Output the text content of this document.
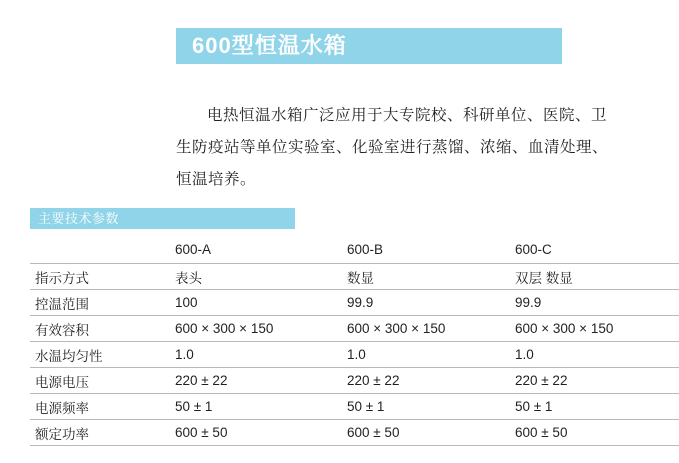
600型恒温水箱

电热恒温水箱广泛应用于大专院校、科研单位、医院、卫生防疫站等单位实验室、化验室进行蒸馏、浓缩、血清处理、恒温培养。

主要技术参数
	600-A	600-B	600-C
指示方式	表头	数显	双层 数显
控温范围	100	99.9	99.9
有效容积	600 × 300 × 150	600 × 300 × 150	600 × 300 × 150
水温均匀性	1.0	1.0	1.0
电源电压	220 ± 22	220 ± 22	220 ± 22
电源频率	50 ± 1	50 ± 1	50 ± 1
额定功率	600 ± 50	600 ± 50	600 ± 50
